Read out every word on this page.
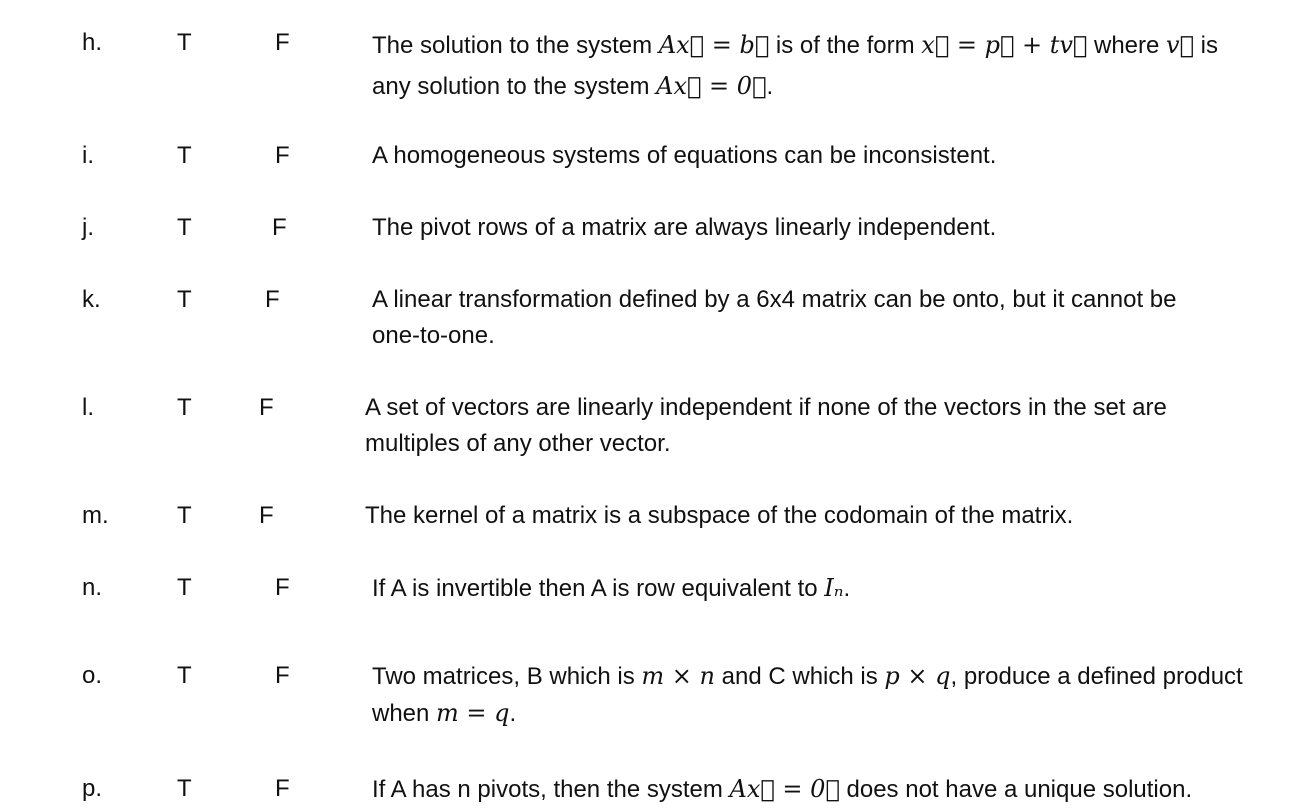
h.	T	F	The solution to the system Ax⃗ = b⃗ is of the form x⃗ = p⃗ + tv⃗ where v⃗ is any solution to the system Ax⃗ = 0⃗.
i.	T	F	A homogeneous systems of equations can be inconsistent.
j.	T	F	The pivot rows of a matrix are always linearly independent.
k.	T	F	A linear transformation defined by a 6x4 matrix can be onto, but it cannot be one-to-one.
l.	T	F	A set of vectors are linearly independent if none of the vectors in the set are multiples of any other vector.
m.	T	F	The kernel of a matrix is a subspace of the codomain of the matrix.
n.	T	F	If A is invertible then A is row equivalent to Iₙ.
o.	T	F	Two matrices, B which is m × n and C which is p × q, produce a defined product when m = q.
p.	T	F	If A has n pivots, then the system Ax⃗ = 0⃗ does not have a unique solution.
